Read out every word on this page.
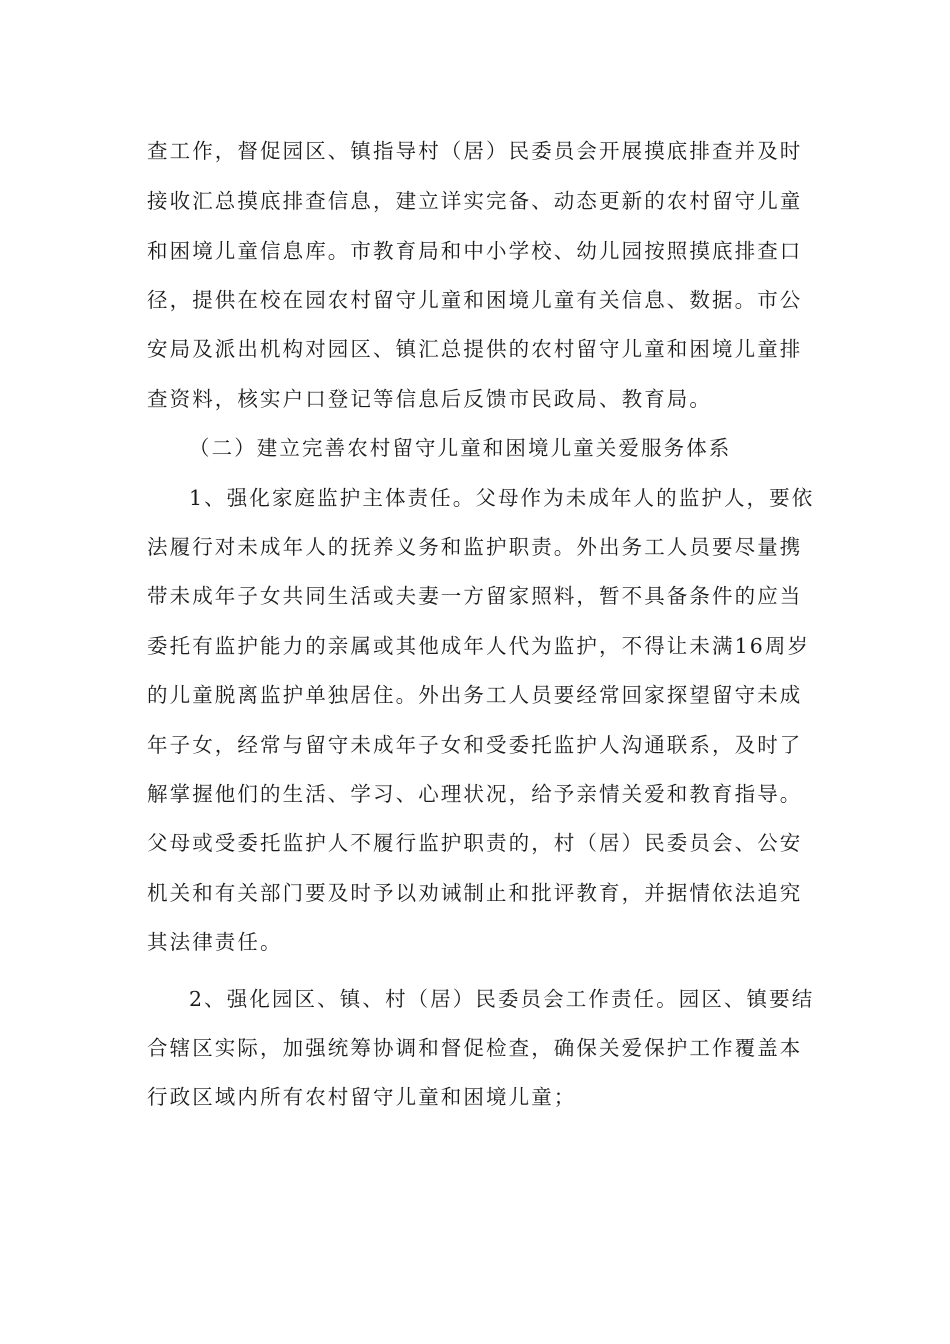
查工作，督促园区、镇指导村（居）民委员会开展摸底排查并及时
接收汇总摸底排查信息，建立详实完备、动态更新的农村留守儿童
和困境儿童信息库。市教育局和中小学校、幼儿园按照摸底排查口
径，提供在校在园农村留守儿童和困境儿童有关信息、数据。市公
安局及派出机构对园区、镇汇总提供的农村留守儿童和困境儿童排
查资料，核实户口登记等信息后反馈市民政局、教育局。
（二）建立完善农村留守儿童和困境儿童关爱服务体系
1、强化家庭监护主体责任。父母作为未成年人的监护人，要依
法履行对未成年人的抚养义务和监护职责。外出务工人员要尽量携
带未成年子女共同生活或夫妻一方留家照料，暂不具备条件的应当
委托有监护能力的亲属或其他成年人代为监护，不得让未满16周岁
的儿童脱离监护单独居住。外出务工人员要经常回家探望留守未成
年子女，经常与留守未成年子女和受委托监护人沟通联系，及时了
解掌握他们的生活、学习、心理状况，给予亲情关爱和教育指导。
父母或受委托监护人不履行监护职责的，村（居）民委员会、公安
机关和有关部门要及时予以劝诫制止和批评教育，并据情依法追究
其法律责任。
2、强化园区、镇、村（居）民委员会工作责任。园区、镇要结
合辖区实际，加强统筹协调和督促检查，确保关爱保护工作覆盖本
行政区域内所有农村留守儿童和困境儿童；
